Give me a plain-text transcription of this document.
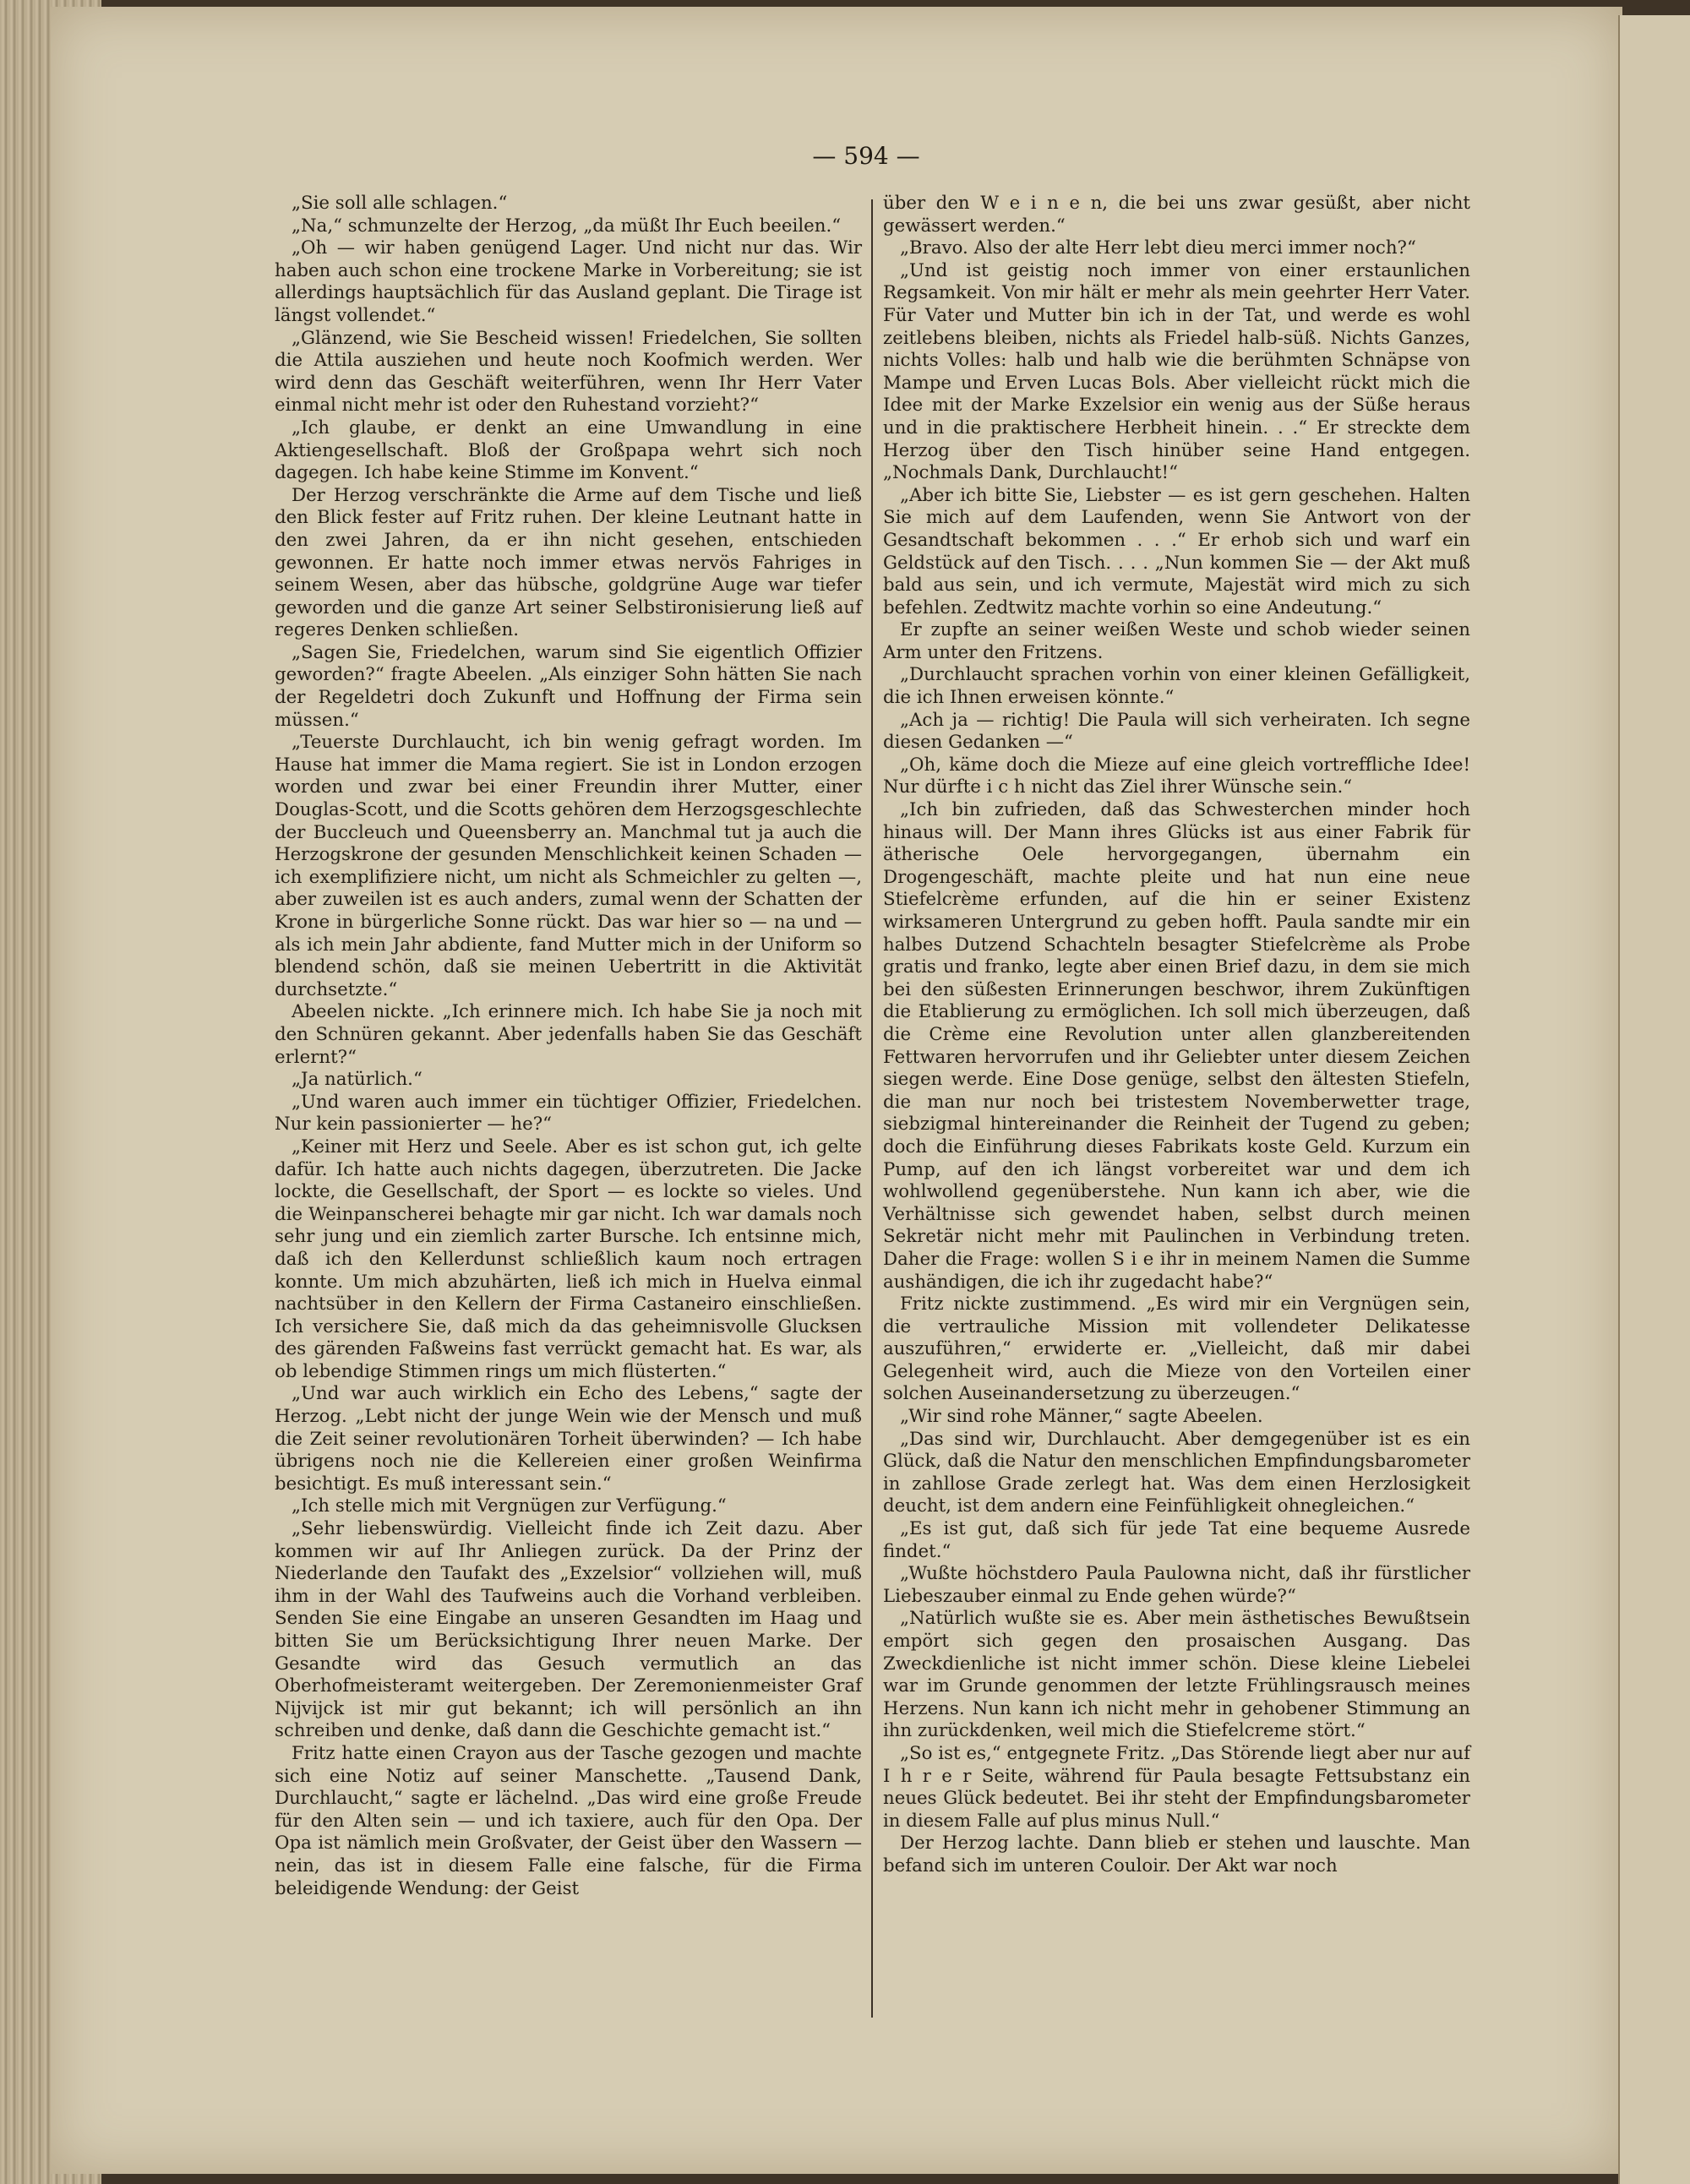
— 594 —

„Sie soll alle schlagen.“

„Na,“ schmunzelte der Herzog, „da müßt Ihr Euch beeilen.“

„Oh — wir haben genügend Lager. Und nicht nur das. Wir haben auch schon eine trockene Marke in Vorbereitung; sie ist allerdings hauptsächlich für das Ausland geplant. Die Tirage ist längst vollendet.“

„Glänzend, wie Sie Bescheid wissen! Friedelchen, Sie sollten die Attila ausziehen und heute noch Koofmich werden. Wer wird denn das Geschäft weiterführen, wenn Ihr Herr Vater einmal nicht mehr ist oder den Ruhestand vorzieht?“

„Ich glaube, er denkt an eine Umwandlung in eine Aktiengesellschaft. Bloß der Großpapa wehrt sich noch dagegen. Ich habe keine Stimme im Konvent.“

Der Herzog verschränkte die Arme auf dem Tische und ließ den Blick fester auf Fritz ruhen. Der kleine Leutnant hatte in den zwei Jahren, da er ihn nicht gesehen, entschieden gewonnen. Er hatte noch immer etwas nervös Fahriges in seinem Wesen, aber das hübsche, goldgrüne Auge war tiefer geworden und die ganze Art seiner Selbstironisierung ließ auf regeres Denken schließen.

„Sagen Sie, Friedelchen, warum sind Sie eigentlich Offizier geworden?“ fragte Abeelen. „Als einziger Sohn hätten Sie nach der Regeldetri doch Zukunft und Hoffnung der Firma sein müssen.“

„Teuerste Durchlaucht, ich bin wenig gefragt worden. Im Hause hat immer die Mama regiert. Sie ist in London erzogen worden und zwar bei einer Freundin ihrer Mutter, einer Douglas-Scott, und die Scotts gehören dem Herzogsgeschlechte der Buccleuch und Queensberry an. Manchmal tut ja auch die Herzogskrone der gesunden Menschlichkeit keinen Schaden — ich exemplifiziere nicht, um nicht als Schmeichler zu gelten —, aber zuweilen ist es auch anders, zumal wenn der Schatten der Krone in bürgerliche Sonne rückt. Das war hier so — na und — als ich mein Jahr abdiente, fand Mutter mich in der Uniform so blendend schön, daß sie meinen Uebertritt in die Aktivität durchsetzte.“

Abeelen nickte. „Ich erinnere mich. Ich habe Sie ja noch mit den Schnüren gekannt. Aber jedenfalls haben Sie das Geschäft erlernt?“

„Ja natürlich.“

„Und waren auch immer ein tüchtiger Offizier, Friedelchen. Nur kein passionierter — he?“

„Keiner mit Herz und Seele. Aber es ist schon gut, ich gelte dafür. Ich hatte auch nichts dagegen, überzutreten. Die Jacke lockte, die Gesellschaft, der Sport — es lockte so vieles. Und die Weinpanscherei behagte mir gar nicht. Ich war damals noch sehr jung und ein ziemlich zarter Bursche. Ich entsinne mich, daß ich den Kellerdunst schließlich kaum noch ertragen konnte. Um mich abzuhärten, ließ ich mich in Huelva einmal nachtsüber in den Kellern der Firma Castaneiro einschließen. Ich versichere Sie, daß mich da das geheimnisvolle Glucksen des gärenden Faßweins fast verrückt gemacht hat. Es war, als ob lebendige Stimmen rings um mich flüsterten.“

„Und war auch wirklich ein Echo des Lebens,“ sagte der Herzog. „Lebt nicht der junge Wein wie der Mensch und muß die Zeit seiner revolutionären Torheit überwinden? — Ich habe übrigens noch nie die Kellereien einer großen Weinfirma besichtigt. Es muß interessant sein.“

„Ich stelle mich mit Vergnügen zur Verfügung.“

„Sehr liebenswürdig. Vielleicht finde ich Zeit dazu. Aber kommen wir auf Ihr Anliegen zurück. Da der Prinz der Niederlande den Taufakt des „Exzelsior“ vollziehen will, muß ihm in der Wahl des Taufweins auch die Vorhand verbleiben. Senden Sie eine Eingabe an unseren Gesandten im Haag und bitten Sie um Berücksichtigung Ihrer neuen Marke. Der Gesandte wird das Gesuch vermutlich an das Oberhofmeisteramt weitergeben. Der Zeremonienmeister Graf Nijvijck ist mir gut bekannt; ich will persönlich an ihn schreiben und denke, daß dann die Geschichte gemacht ist.“

Fritz hatte einen Crayon aus der Tasche gezogen und machte sich eine Notiz auf seiner Manschette. „Tausend Dank, Durchlaucht,“ sagte er lächelnd. „Das wird eine große Freude für den Alten sein — und ich taxiere, auch für den Opa. Der Opa ist nämlich mein Großvater, der Geist über den Wassern — nein, das ist in diesem Falle eine falsche, für die Firma beleidigende Wendung: der Geist

über den W e i n e n, die bei uns zwar gesüßt, aber nicht gewässert werden.“

„Bravo. Also der alte Herr lebt dieu merci immer noch?“

„Und ist geistig noch immer von einer erstaunlichen Regsamkeit. Von mir hält er mehr als mein geehrter Herr Vater. Für Vater und Mutter bin ich in der Tat, und werde es wohl zeitlebens bleiben, nichts als Friedel halb-süß. Nichts Ganzes, nichts Volles: halb und halb wie die berühmten Schnäpse von Mampe und Erven Lucas Bols. Aber vielleicht rückt mich die Idee mit der Marke Exzelsior ein wenig aus der Süße heraus und in die praktischere Herbheit hinein. . .“ Er streckte dem Herzog über den Tisch hinüber seine Hand entgegen. „Nochmals Dank, Durchlaucht!“

„Aber ich bitte Sie, Liebster — es ist gern geschehen. Halten Sie mich auf dem Laufenden, wenn Sie Antwort von der Gesandtschaft bekommen . . .“ Er erhob sich und warf ein Geldstück auf den Tisch. . . . „Nun kommen Sie — der Akt muß bald aus sein, und ich vermute, Majestät wird mich zu sich befehlen. Zedtwitz machte vorhin so eine Andeutung.“

Er zupfte an seiner weißen Weste und schob wieder seinen Arm unter den Fritzens.

„Durchlaucht sprachen vorhin von einer kleinen Gefälligkeit, die ich Ihnen erweisen könnte.“

„Ach ja — richtig! Die Paula will sich verheiraten. Ich segne diesen Gedanken —“

„Oh, käme doch die Mieze auf eine gleich vortreffliche Idee! Nur dürfte i c h nicht das Ziel ihrer Wünsche sein.“

„Ich bin zufrieden, daß das Schwesterchen minder hoch hinaus will. Der Mann ihres Glücks ist aus einer Fabrik für ätherische Oele hervorgegangen, übernahm ein Drogengeschäft, machte pleite und hat nun eine neue Stiefelcrème erfunden, auf die hin er seiner Existenz wirksameren Untergrund zu geben hofft. Paula sandte mir ein halbes Dutzend Schachteln besagter Stiefelcrème als Probe gratis und franko, legte aber einen Brief dazu, in dem sie mich bei den süßesten Erinnerungen beschwor, ihrem Zukünftigen die Etablierung zu ermöglichen. Ich soll mich überzeugen, daß die Crème eine Revolution unter allen glanzbereitenden Fettwaren hervorrufen und ihr Geliebter unter diesem Zeichen siegen werde. Eine Dose genüge, selbst den ältesten Stiefeln, die man nur noch bei tristestem Novemberwetter trage, siebzigmal hintereinander die Reinheit der Tugend zu geben; doch die Einführung dieses Fabrikats koste Geld. Kurzum ein Pump, auf den ich längst vorbereitet war und dem ich wohlwollend gegenüberstehe. Nun kann ich aber, wie die Verhältnisse sich gewendet haben, selbst durch meinen Sekretär nicht mehr mit Paulinchen in Verbindung treten. Daher die Frage: wollen S i e ihr in meinem Namen die Summe aushändigen, die ich ihr zugedacht habe?“

Fritz nickte zustimmend. „Es wird mir ein Vergnügen sein, die vertrauliche Mission mit vollendeter Delikatesse auszuführen,“ erwiderte er. „Vielleicht, daß mir dabei Gelegenheit wird, auch die Mieze von den Vorteilen einer solchen Auseinandersetzung zu überzeugen.“

„Wir sind rohe Männer,“ sagte Abeelen.

„Das sind wir, Durchlaucht. Aber demgegenüber ist es ein Glück, daß die Natur den menschlichen Empfindungsbarometer in zahllose Grade zerlegt hat. Was dem einen Herzlosigkeit deucht, ist dem andern eine Feinfühligkeit ohnegleichen.“

„Es ist gut, daß sich für jede Tat eine bequeme Ausrede findet.“

„Wußte höchstdero Paula Paulowna nicht, daß ihr fürstlicher Liebeszauber einmal zu Ende gehen würde?“

„Natürlich wußte sie es. Aber mein ästhetisches Bewußtsein empört sich gegen den prosaischen Ausgang. Das Zweckdienliche ist nicht immer schön. Diese kleine Liebelei war im Grunde genommen der letzte Frühlingsrausch meines Herzens. Nun kann ich nicht mehr in gehobener Stimmung an ihn zurückdenken, weil mich die Stiefelcreme stört.“

„So ist es,“ entgegnete Fritz. „Das Störende liegt aber nur auf I h r e r Seite, während für Paula besagte Fettsubstanz ein neues Glück bedeutet. Bei ihr steht der Empfindungsbarometer in diesem Falle auf plus minus Null.“

Der Herzog lachte. Dann blieb er stehen und lauschte. Man befand sich im unteren Couloir. Der Akt war noch
